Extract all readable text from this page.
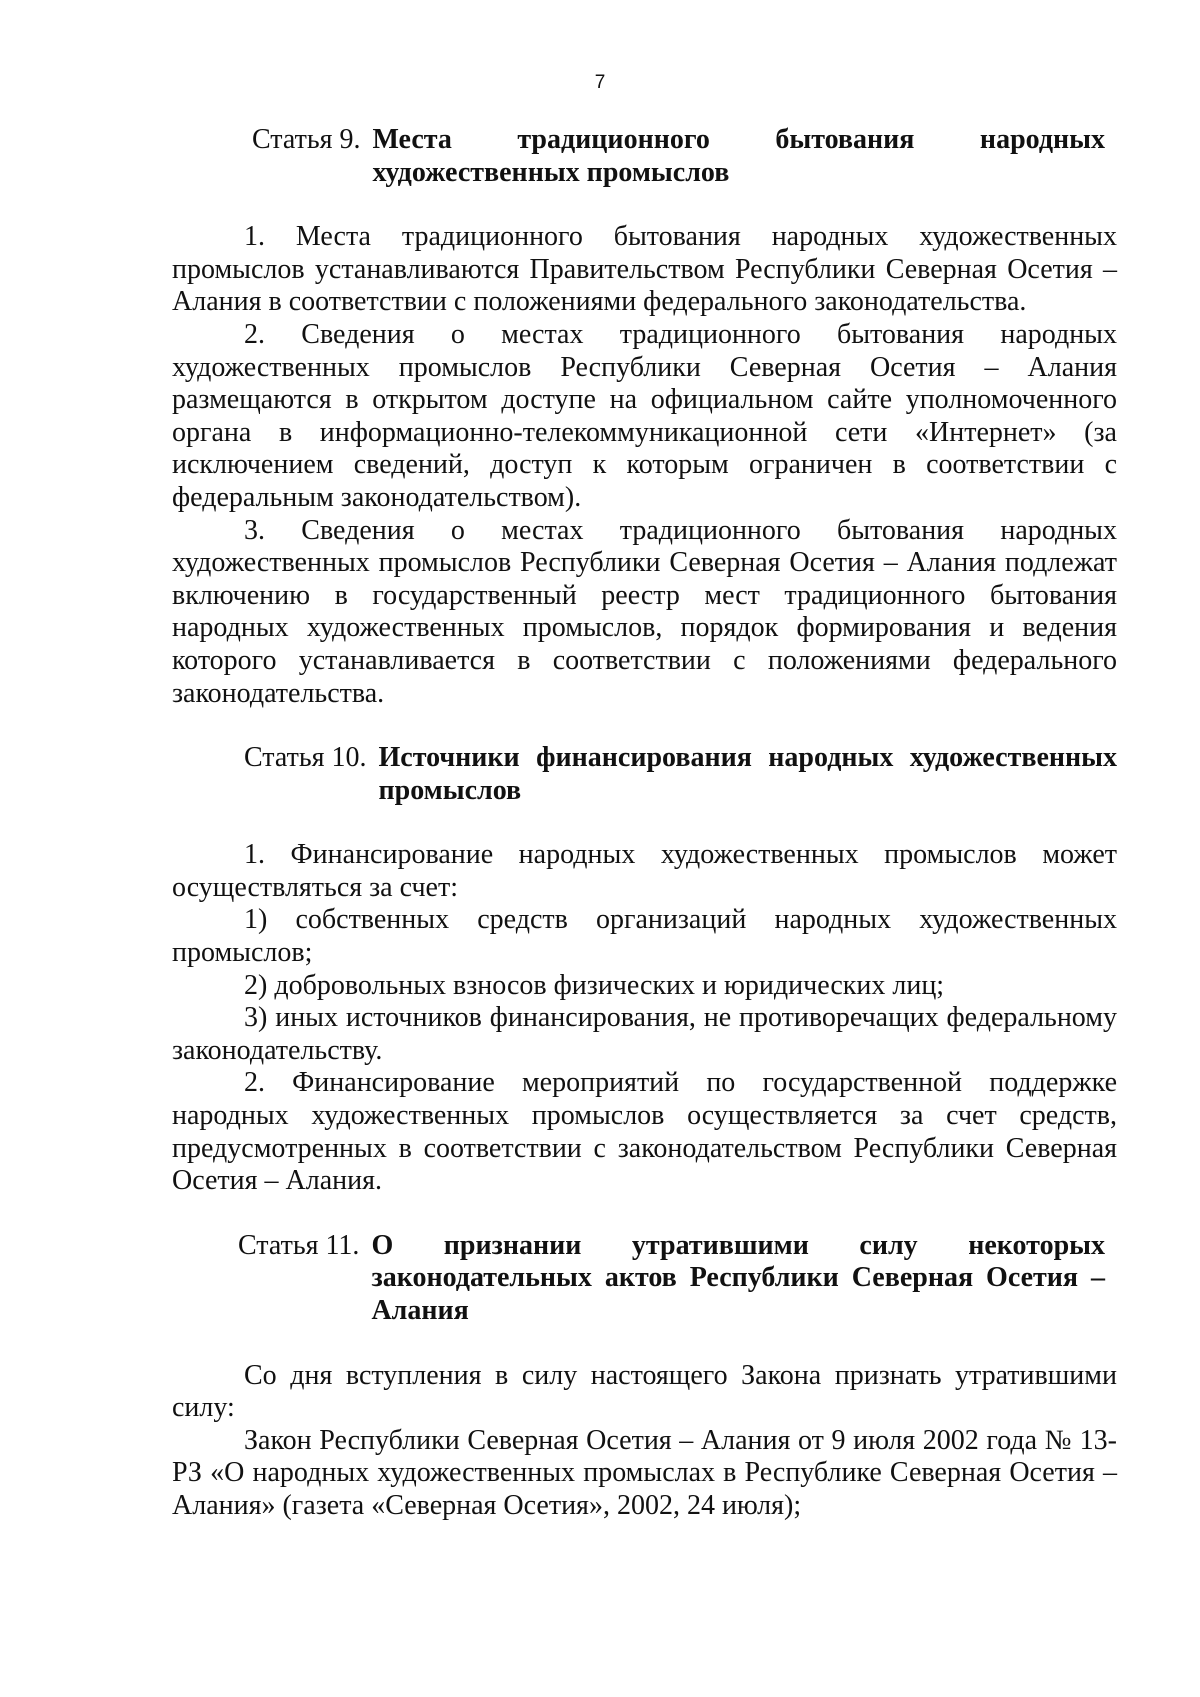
7
Статья 9. Места традиционного бытования народных художественных промыслов

1. Места традиционного бытования народных художественных промыслов устанавливаются Правительством Республики Северная Осетия – Алания в соответствии с положениями федерального законодательства.

2. Сведения о местах традиционного бытования народных художественных промыслов Республики Северная Осетия – Алания размещаются в открытом доступе на официальном сайте уполномоченного органа в информационно-телекоммуникационной сети «Интернет» (за исключением сведений, доступ к которым ограничен в соответствии с федеральным законодательством).

3. Сведения о местах традиционного бытования народных художественных промыслов Республики Северная Осетия – Алания подлежат включению в государственный реестр мест традиционного бытования народных художественных промыслов, порядок формирования и ведения которого устанавливается в соответствии с положениями федерального законодательства.

Статья 10. Источники финансирования народных художественных промыслов

1. Финансирование народных художественных промыслов может осуществляться за счет:

1) собственных средств организаций народных художественных промыслов;

2) добровольных взносов физических и юридических лиц;

3) иных источников финансирования, не противоречащих федеральному законодательству.

2. Финансирование мероприятий по государственной поддержке народных художественных промыслов осуществляется за счет средств, предусмотренных в соответствии с законодательством Республики Северная Осетия – Алания.

Статья 11. О признании утратившими силу некоторых законодательных актов Республики Северная Осетия – Алания

Со дня вступления в силу настоящего Закона признать утратившими силу:

Закон Республики Северная Осетия – Алания от 9 июля 2002 года № 13-РЗ «О народных художественных промыслах в Республике Северная Осетия – Алания» (газета «Северная Осетия», 2002, 24 июля);
